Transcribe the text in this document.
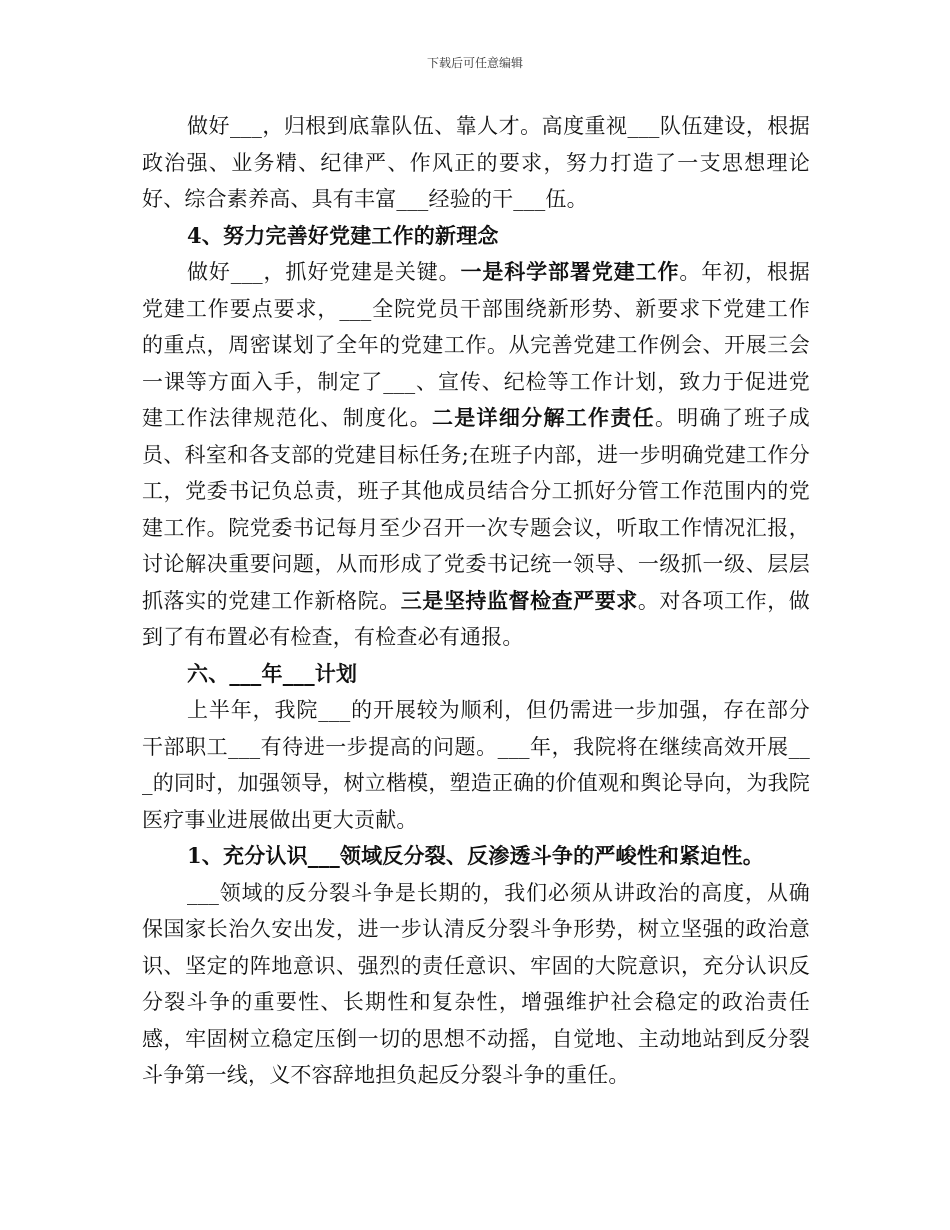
下载后可任意编辑

做好___，归根到底靠队伍、靠人才。高度重视___队伍建设，根据政治强、业务精、纪律严、作风正的要求，努力打造了一支思想理论好、综合素养高、具有丰富___经验的干___伍。

4、努力完善好党建工作的新理念

做好___，抓好党建是关键。一是科学部署党建工作。年初，根据党建工作要点要求，___全院党员干部围绕新形势、新要求下党建工作的重点，周密谋划了全年的党建工作。从完善党建工作例会、开展三会一课等方面入手，制定了___、宣传、纪检等工作计划，致力于促进党建工作法律规范化、制度化。二是详细分解工作责任。明确了班子成员、科室和各支部的党建目标任务;在班子内部，进一步明确党建工作分工，党委书记负总责，班子其他成员结合分工抓好分管工作范围内的党建工作。院党委书记每月至少召开一次专题会议，听取工作情况汇报，讨论解决重要问题，从而形成了党委书记统一领导、一级抓一级、层层抓落实的党建工作新格院。三是坚持监督检查严要求。对各项工作，做到了有布置必有检查，有检查必有通报。

六、___年___计划

上半年，我院___的开展较为顺利，但仍需进一步加强，存在部分干部职工___有待进一步提高的问题。___年，我院将在继续高效开展___的同时，加强领导，树立楷模，塑造正确的价值观和舆论导向，为我院医疗事业进展做出更大贡献。

1、充分认识___领域反分裂、反渗透斗争的严峻性和紧迫性。

___领域的反分裂斗争是长期的，我们必须从讲政治的高度，从确保国家长治久安出发，进一步认清反分裂斗争形势，树立坚强的政治意识、坚定的阵地意识、强烈的责任意识、牢固的大院意识，充分认识反分裂斗争的重要性、长期性和复杂性，增强维护社会稳定的政治责任感，牢固树立稳定压倒一切的思想不动摇，自觉地、主动地站到反分裂斗争第一线，义不容辞地担负起反分裂斗争的重任。
